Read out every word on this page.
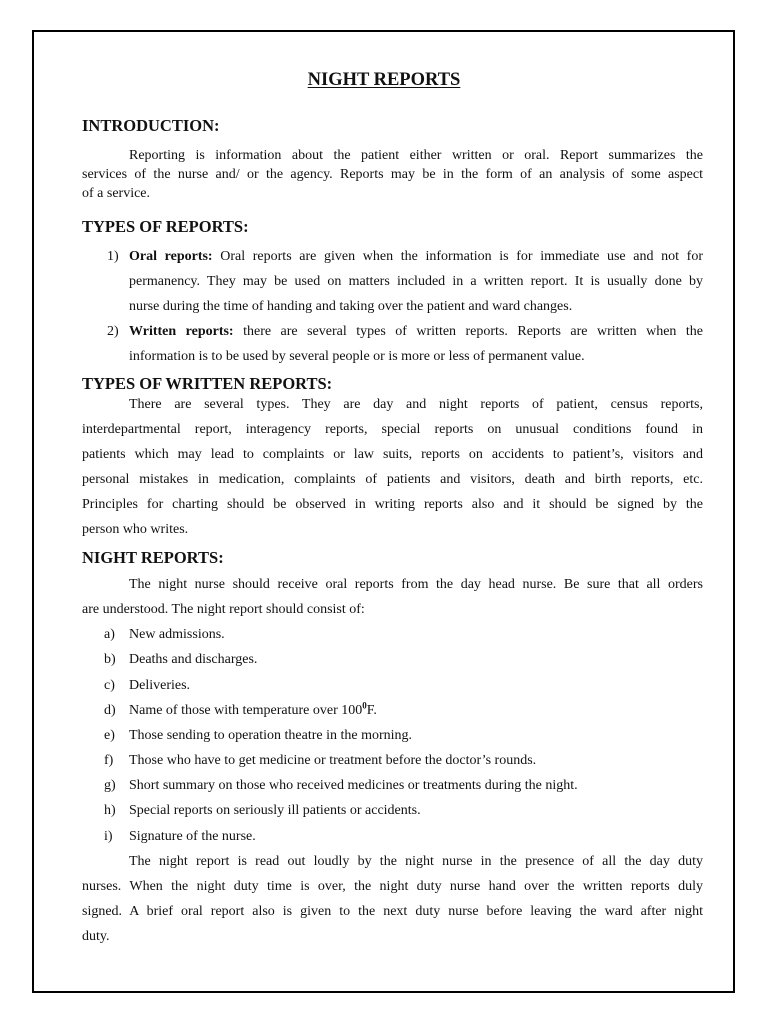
NIGHT REPORTS
INTRODUCTION:

Reporting is information about the patient either written or oral. Report summarizes the

services of the nurse and/ or the agency. Reports may be in the form of an analysis of some aspect

of a service.

TYPES OF REPORTS:
1) Oral reports: Oral reports are given when the information is for immediate use and not for
permanency. They may be used on matters included in a written report. It is usually done by
nurse during the time of handing and taking over the patient and ward changes.
2) Written reports: there are several types of written reports. Reports are written when the
information is to be used by several people or is more or less of permanent value.
TYPES OF WRITTEN REPORTS:

There are several types. They are day and night reports of patient, census reports,

interdepartmental report, interagency reports, special reports on unusual conditions found in

patients which may lead to complaints or law suits, reports on accidents to patient’s, visitors and

personal mistakes in medication, complaints of patients and visitors, death and birth reports, etc.

Principles for charting should be observed in writing reports also and it should be signed by the

person who writes.

NIGHT REPORTS:

The night nurse should receive oral reports from the day head nurse. Be sure that all orders

are understood. The night report should consist of:

a) New admissions.
b) Deaths and discharges.
c) Deliveries.
d) Name of those with temperature over $100^0F$.
e) Those sending to operation theatre in the morning.
f) Those who have to get medicine or treatment before the doctor’s rounds.
g) Short summary on those who received medicines or treatments during the night.
h) Special reports on seriously ill patients or accidents.
i) Signature of the nurse.

The night report is read out loudly by the night nurse in the presence of all the day duty

nurses. When the night duty time is over, the night duty nurse hand over the written reports duly

signed. A brief oral report also is given to the next duty nurse before leaving the ward after night

duty.
